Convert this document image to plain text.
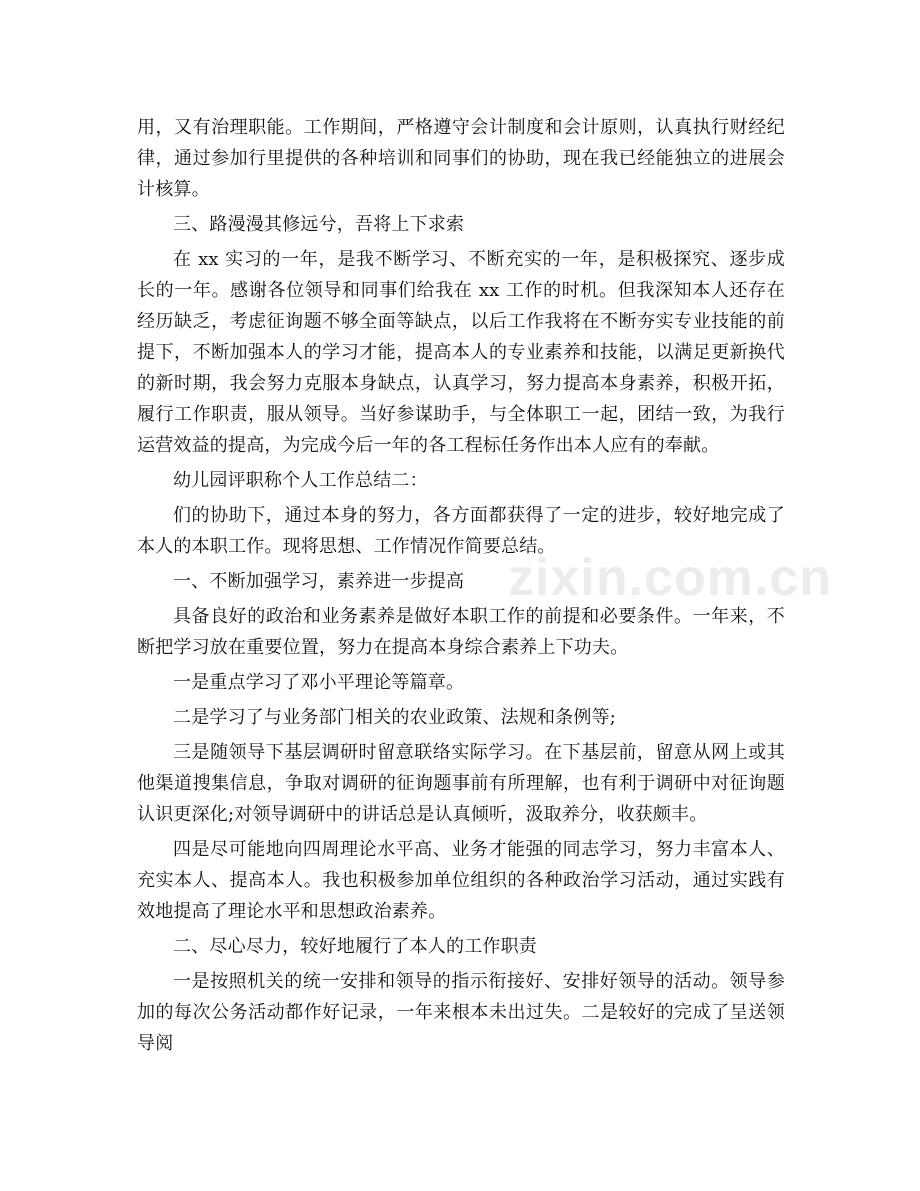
用，又有治理职能。工作期间，严格遵守会计制度和会计原则，认真执行财经纪律，通过参加行里提供的各种培训和同事们的协助，现在我已经能独立的进展会计核算。

三、路漫漫其修远兮，吾将上下求索

在 xx 实习的一年，是我不断学习、不断充实的一年，是积极探究、逐步成长的一年。感谢各位领导和同事们给我在 xx 工作的时机。但我深知本人还存在经历缺乏，考虑征询题不够全面等缺点，以后工作我将在不断夯实专业技能的前提下，不断加强本人的学习才能，提高本人的专业素养和技能，以满足更新换代的新时期，我会努力克服本身缺点，认真学习，努力提高本身素养，积极开拓，履行工作职责，服从领导。当好参谋助手，与全体职工一起，团结一致，为我行运营效益的提高，为完成今后一年的各工程标任务作出本人应有的奉献。

幼儿园评职称个人工作总结二：

们的协助下，通过本身的努力，各方面都获得了一定的进步，较好地完成了本人的本职工作。现将思想、工作情况作简要总结。

一、不断加强学习，素养进一步提高

具备良好的政治和业务素养是做好本职工作的前提和必要条件。一年来，不断把学习放在重要位置，努力在提高本身综合素养上下功夫。

一是重点学习了邓小平理论等篇章。

二是学习了与业务部门相关的农业政策、法规和条例等;

三是随领导下基层调研时留意联络实际学习。在下基层前，留意从网上或其他渠道搜集信息，争取对调研的征询题事前有所理解，也有利于调研中对征询题认识更深化;对领导调研中的讲话总是认真倾听，汲取养分，收获颇丰。

四是尽可能地向四周理论水平高、业务才能强的同志学习，努力丰富本人、充实本人、提高本人。我也积极参加单位组织的各种政治学习活动，通过实践有效地提高了理论水平和思想政治素养。

二、尽心尽力，较好地履行了本人的工作职责

一是按照机关的统一安排和领导的指示衔接好、安排好领导的活动。领导参加的每次公务活动都作好记录，一年来根本未出过失。二是较好的完成了呈送领导阅

zixin.com.cn
